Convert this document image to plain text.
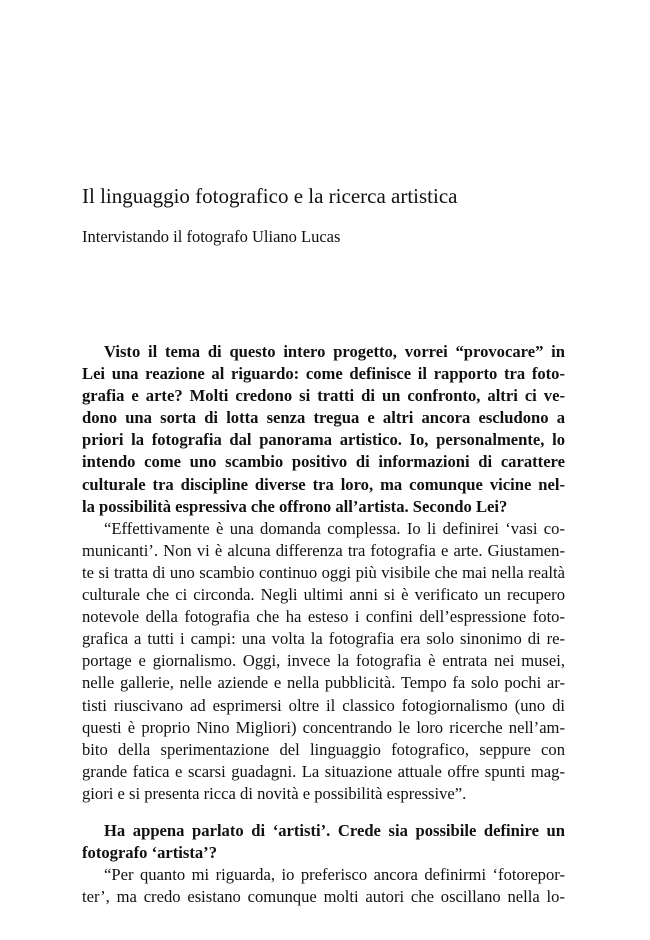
Il linguaggio fotografico e la ricerca artistica
Intervistando il fotografo Uliano Lucas
Visto il tema di questo intero progetto, vorrei “provocare” in
Lei una reazione al riguardo: come definisce il rapporto tra foto-
grafia e arte? Molti credono si tratti di un confronto, altri ci ve-
dono una sorta di lotta senza tregua e altri ancora escludono a
priori la fotografia dal panorama artistico. Io, personalmente, lo
intendo come uno scambio positivo di informazioni di carattere
culturale tra discipline diverse tra loro, ma comunque vicine nel-
la possibilità espressiva che offrono all’artista. Secondo Lei?
“Effettivamente è una domanda complessa. Io li definirei ‘vasi co-
municanti’. Non vi è alcuna differenza tra fotografia e arte. Giustamen-
te si tratta di uno scambio continuo oggi più visibile che mai nella realtà
culturale che ci circonda. Negli ultimi anni si è verificato un recupero
notevole della fotografia che ha esteso i confini dell’espressione foto-
grafica a tutti i campi: una volta la fotografia era solo sinonimo di re-
portage e giornalismo. Oggi, invece la fotografia è entrata nei musei,
nelle gallerie, nelle aziende e nella pubblicità. Tempo fa solo pochi ar-
tisti riuscivano ad esprimersi oltre il classico fotogiornalismo (uno di
questi è proprio Nino Migliori) concentrando le loro ricerche nell’am-
bito della sperimentazione del linguaggio fotografico, seppure con
grande fatica e scarsi guadagni. La situazione attuale offre spunti mag-
giori e si presenta ricca di novità e possibilità espressive”.
Ha appena parlato di ‘artisti’. Crede sia possibile definire un
fotografo ‘artista’?
“Per quanto mi riguarda, io preferisco ancora definirmi ‘fotorepor-
ter’, ma credo esistano comunque molti autori che oscillano nella lo-
